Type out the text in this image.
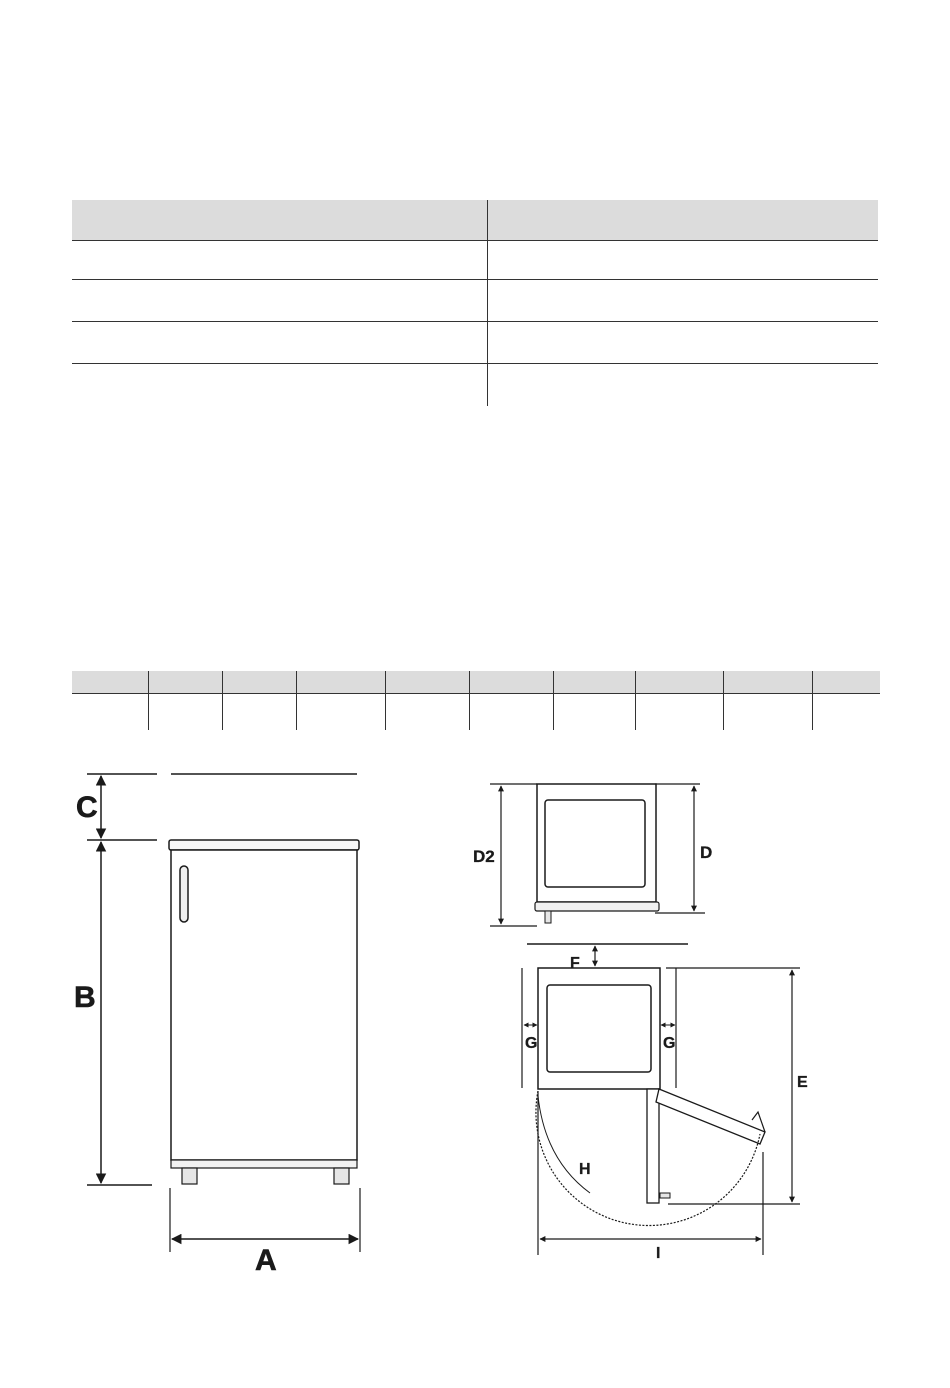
C
B
A
D2	D
F
G	G
E
H
I
